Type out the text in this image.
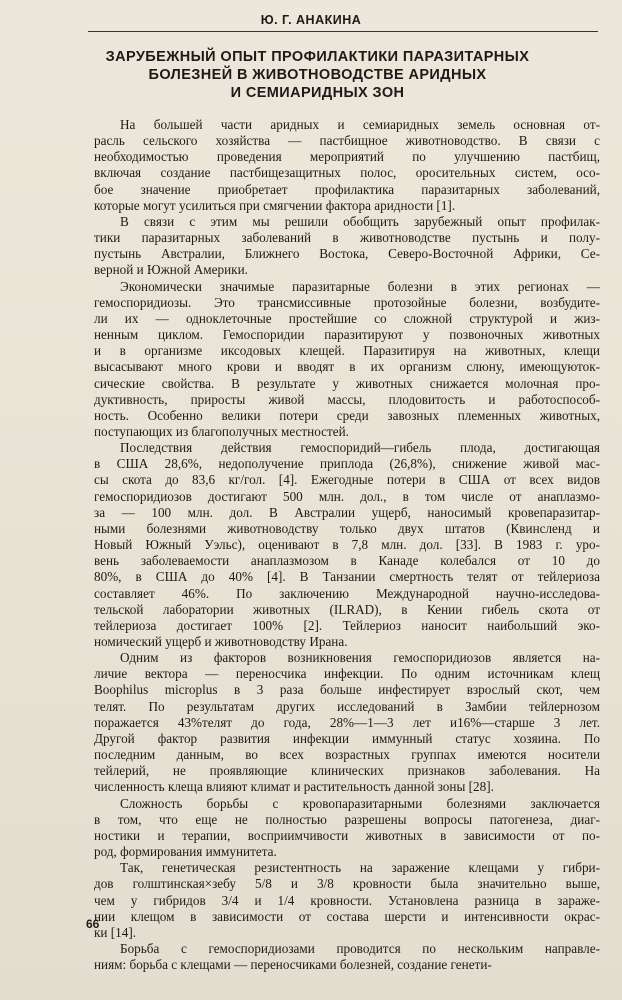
Ю. Г. АНАКИНА
ЗАРУБЕЖНЫЙ ОПЫТ ПРОФИЛАКТИКИ ПАРАЗИТАРНЫХ
БОЛЕЗНЕЙ В ЖИВОТНОВОДСТВЕ АРИДНЫХ
И СЕМИАРИДНЫХ ЗОН
На большей части аридных и семиаридных земель основная от-
расль сельского хозяйства — пастбищное животноводство. В связи с
необходимостью проведения мероприятий по улучшению пастбищ,
включая создание пастбищезащитных полос, оросительных систем, осо-
бое значение приобретает профилактика паразитарных заболеваний,
которые могут усилиться при смягчении фактора аридности [1].
В связи с этим мы решили обобщить зарубежный опыт профилак-
тики паразитарных заболеваний в животноводстве пустынь и полу-
пустынь Австралии, Ближнего Востока, Северо-Восточной Африки, Се-
верной и Южной Америки.
Экономически значимые паразитарные болезни в этих регионах —
гемоспоридиозы. Это трансмиссивные протозойные болезни, возбудите-
ли их — одноклеточные простейшие со сложной структурой и жиз-
ненным циклом. Гемоспоридии паразитируют у позвоночных животных
и в организме иксодовых клещей. Паразитируя на животных, клещи
высасывают много крови и вводят в их организм слюну, имеющуюток-
сические свойства. В результате у животных снижается молочная про-
дуктивность, приросты живой массы, плодовитость и работоспособ-
ность. Особенно велики потери среди завозных племенных животных,
поступающих из благополучных местностей.
Последствия действия гемоспоридий—гибель плода, достигающая
в США 28,6%, недополучение приплода (26,8%), снижение живой мас-
сы скота до 83,6 кг/гол. [4]. Ежегодные потери в США от всех видов
гемоспоридиозов достигают 500 млн. дол., в том числе от анаплазмо-
за — 100 млн. дол. В Австралии ущерб, наносимый кровепаразитар-
ными болезнями животноводству только двух штатов (Квинсленд и
Новый Южный Уэльс), оценивают в 7,8 млн. дол. [33]. В 1983 г. уро-
вень заболеваемости анаплазмозом в Канаде колебался от 10 до
80%, в США до 40% [4]. В Танзании смертность телят от тейлериоза
составляет 46%. По заключению Международной научно-исследова-
тельской лаборатории животных (ILRAD), в Кении гибель скота от
тейлериоза достигает 100% [2]. Тейлериоз наносит наибольший эко-
номический ущерб и животноводству Ирана.
Одним из факторов возникновения гемоспоридиозов является на-
личие вектора — переносчика инфекции. По одним источникам клещ
Boophilus microplus в 3 раза больше инфестирует взрослый скот, чем
телят. По результатам других исследований в Замбии тейлернозом
поражается 43%телят до года, 28%—1—3 лет и16%—старше 3 лет.
Другой фактор развития инфекции иммунный статус хозяина. По
последним данным, во всех возрастных группах имеются носители
тейлерий, не проявляющие клинических признаков заболевания. На
численность клеща влияют климат и растительность данной зоны [28].
Сложность борьбы с кровопаразитарными болезнями заключается
в том, что еще не полностью разрешены вопросы патогенеза, диаг-
ностики и терапии, восприимчивости животных в зависимости от по-
род, формирования иммунитета.
Так, генетическая резистентность на заражение клещами у гибри-
дов голштинская×зебу 5/8 и 3/8 кровности была значительно выше,
чем у гибридов 3/4 и 1/4 кровности. Установлена разница в зараже-
нии клещом в зависимости от состава шерсти и интенсивности окрас-
ки [14].
Борьба с гемоспоридиозами проводится по нескольким направле-
ниям: борьба с клещами — переносчиками болезней, создание генети-
66
